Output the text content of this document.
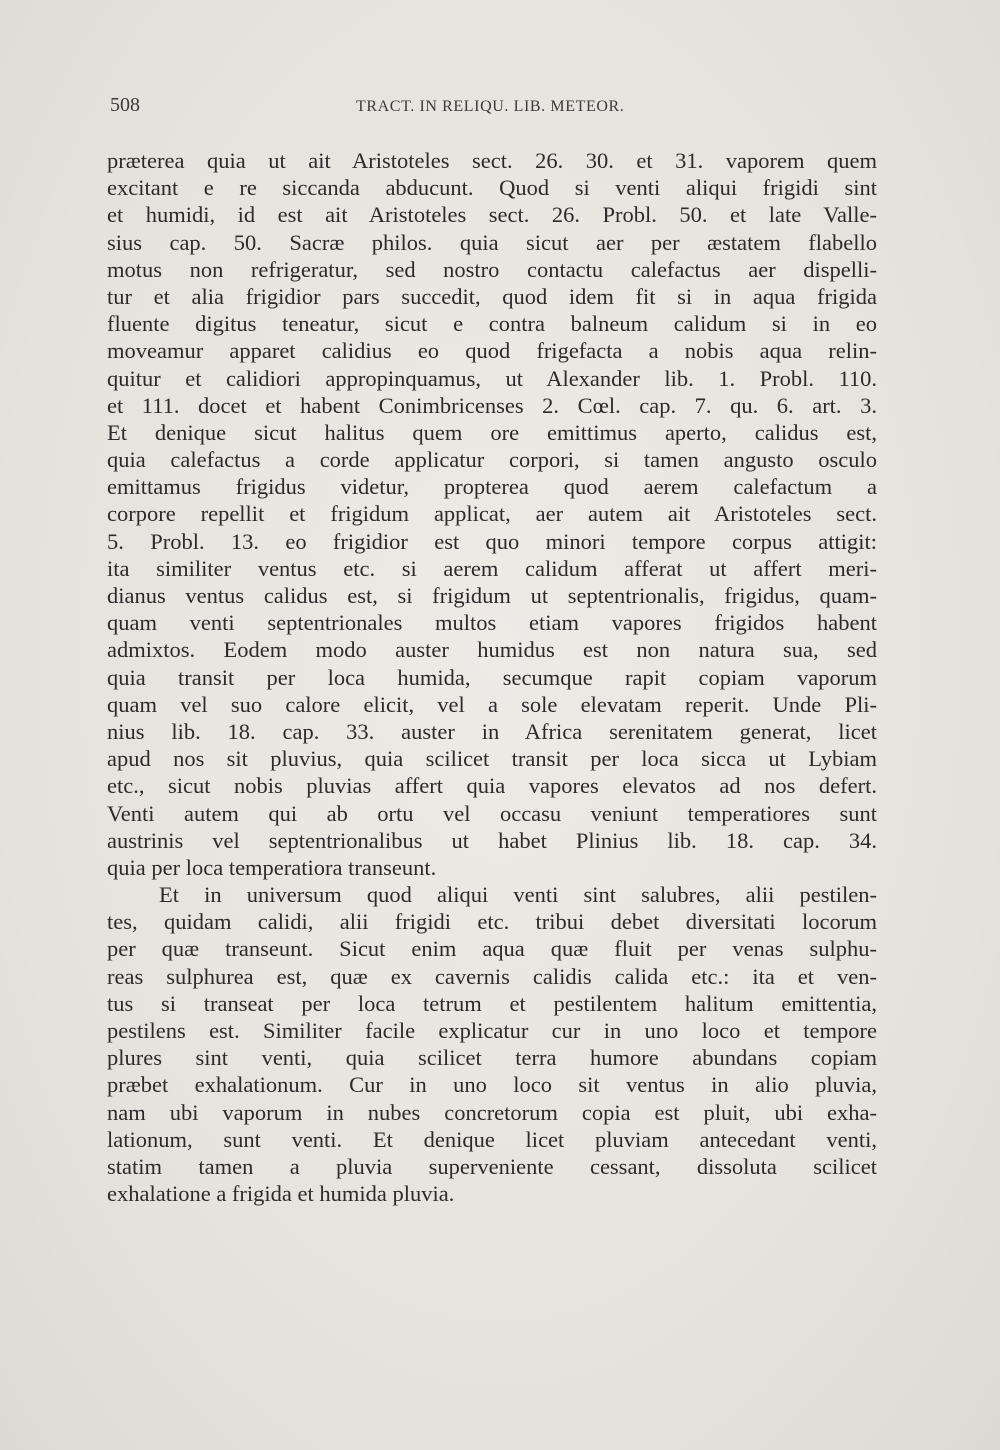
508	TRACT. IN RELIQU. LIB. METEOR.
præterea quia ut ait Aristoteles sect. 26. 30. et 31. vaporem quem
excitant e re siccanda abducunt. Quod si venti aliqui frigidi sint
et humidi, id est ait Aristoteles sect. 26. Probl. 50. et late Valle-
sius cap. 50. Sacræ philos. quia sicut aer per æstatem flabello
motus non refrigeratur, sed nostro contactu calefactus aer dispelli-
tur et alia frigidior pars succedit, quod idem fit si in aqua frigida
fluente digitus teneatur, sicut e contra balneum calidum si in eo
moveamur apparet calidius eo quod frigefacta a nobis aqua relin-
quitur et calidiori appropinquamus, ut Alexander lib. 1. Probl. 110.
et 111. docet et habent Conimbricenses 2. Cœl. cap. 7. qu. 6. art. 3.
Et denique sicut halitus quem ore emittimus aperto, calidus est,
quia calefactus a corde applicatur corpori, si tamen angusto osculo
emittamus frigidus videtur, propterea quod aerem calefactum a
corpore repellit et frigidum applicat, aer autem ait Aristoteles sect.
5. Probl. 13. eo frigidior est quo minori tempore corpus attigit:
ita similiter ventus etc. si aerem calidum afferat ut affert meri-
dianus ventus calidus est, si frigidum ut septentrionalis, frigidus, quam-
quam venti septentrionales multos etiam vapores frigidos habent
admixtos. Eodem modo auster humidus est non natura sua, sed
quia transit per loca humida, secumque rapit copiam vaporum
quam vel suo calore elicit, vel a sole elevatam reperit. Unde Pli-
nius lib. 18. cap. 33. auster in Africa serenitatem generat, licet
apud nos sit pluvius, quia scilicet transit per loca sicca ut Lybiam
etc., sicut nobis pluvias affert quia vapores elevatos ad nos defert.
Venti autem qui ab ortu vel occasu veniunt temperatiores sunt
austrinis vel septentrionalibus ut habet Plinius lib. 18. cap. 34.
quia per loca temperatiora transeunt.
Et in universum quod aliqui venti sint salubres, alii pestilen-
tes, quidam calidi, alii frigidi etc. tribui debet diversitati locorum
per quæ transeunt. Sicut enim aqua quæ fluit per venas sulphu-
reas sulphurea est, quæ ex cavernis calidis calida etc.: ita et ven-
tus si transeat per loca tetrum et pestilentem halitum emittentia,
pestilens est. Similiter facile explicatur cur in uno loco et tempore
plures sint venti, quia scilicet terra humore abundans copiam
præbet exhalationum. Cur in uno loco sit ventus in alio pluvia,
nam ubi vaporum in nubes concretorum copia est pluit, ubi exha-
lationum, sunt venti. Et denique licet pluviam antecedant venti,
statim tamen a pluvia superveniente cessant, dissoluta scilicet
exhalatione a frigida et humida pluvia.
